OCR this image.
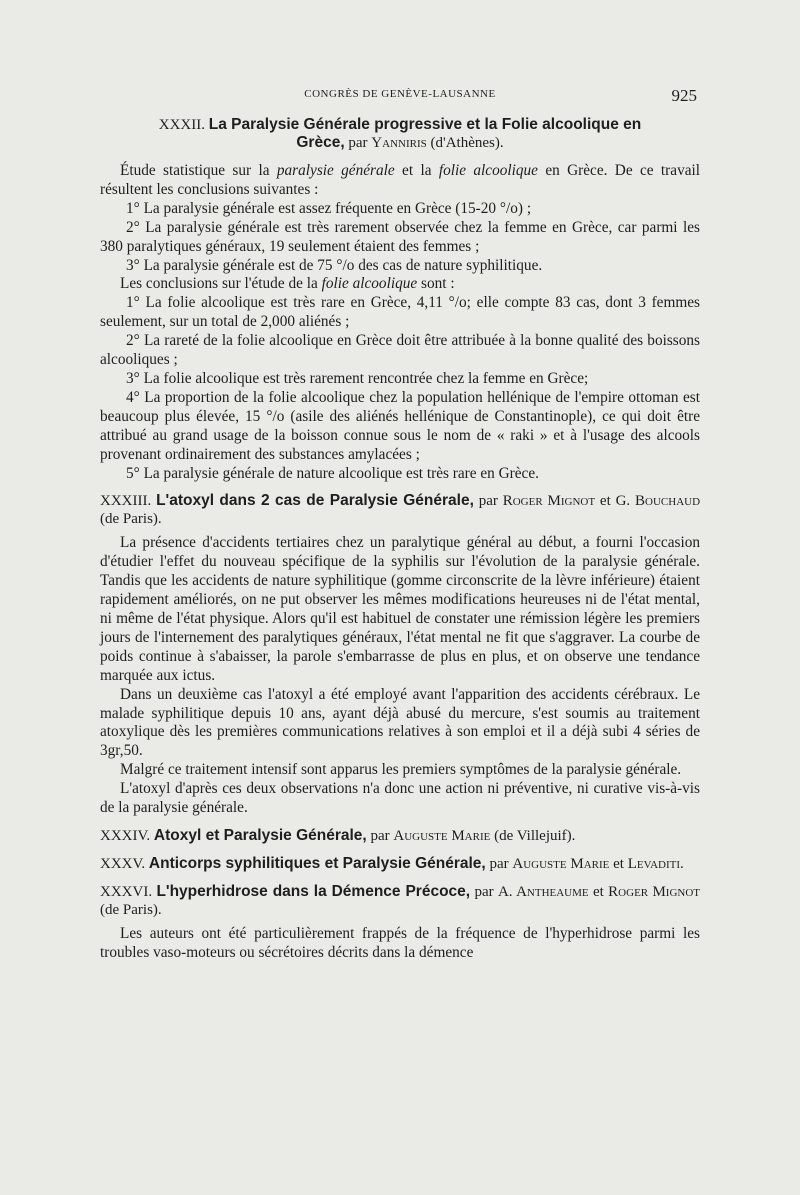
CONGRÈS DE GENÈVE-LAUSANNE	925
XXXII. La Paralysie Générale progressive et la Folie alcoolique en
Grèce, par Yanniris (d'Athènes).

Étude statistique sur la paralysie générale et la folie alcoolique en Grèce. De ce travail résultent les conclusions suivantes :

1° La paralysie générale est assez fréquente en Grèce (15-20 °/o) ;

2° La paralysie générale est très rarement observée chez la femme en Grèce, car parmi les 380 paralytiques généraux, 19 seulement étaient des femmes ;

3° La paralysie générale est de 75 °/o des cas de nature syphilitique.

Les conclusions sur l'étude de la folie alcoolique sont :

1° La folie alcoolique est très rare en Grèce, 4,11 °/o; elle compte 83 cas, dont 3 femmes seulement, sur un total de 2,000 aliénés ;

2° La rareté de la folie alcoolique en Grèce doit être attribuée à la bonne qualité des boissons alcooliques ;

3° La folie alcoolique est très rarement rencontrée chez la femme en Grèce;

4° La proportion de la folie alcoolique chez la population hellénique de l'empire ottoman est beaucoup plus élevée, 15 °/o (asile des aliénés hellénique de Constantinople), ce qui doit être attribué au grand usage de la boisson connue sous le nom de « raki » et à l'usage des alcools provenant ordinairement des substances amylacées ;

5° La paralysie générale de nature alcoolique est très rare en Grèce.

XXXIII. L'atoxyl dans 2 cas de Paralysie Générale, par Roger Mignot et G. Bouchaud (de Paris).

La présence d'accidents tertiaires chez un paralytique général au début, a fourni l'occasion d'étudier l'effet du nouveau spécifique de la syphilis sur l'évolution de la paralysie générale. Tandis que les accidents de nature syphilitique (gomme circonscrite de la lèvre inférieure) étaient rapidement améliorés, on ne put observer les mêmes modifications heureuses ni de l'état mental, ni même de l'état physique. Alors qu'il est habituel de constater une rémission légère les premiers jours de l'internement des paralytiques généraux, l'état mental ne fit que s'aggraver. La courbe de poids continue à s'abaisser, la parole s'embarrasse de plus en plus, et on observe une tendance marquée aux ictus.

Dans un deuxième cas l'atoxyl a été employé avant l'apparition des accidents cérébraux. Le malade syphilitique depuis 10 ans, ayant déjà abusé du mercure, s'est soumis au traitement atoxylique dès les premières communications relatives à son emploi et il a déjà subi 4 séries de 3gr,50.

Malgré ce traitement intensif sont apparus les premiers symptômes de la paralysie générale.

L'atoxyl d'après ces deux observations n'a donc une action ni préventive, ni curative vis-à-vis de la paralysie générale.

XXXIV. Atoxyl et Paralysie Générale, par Auguste Marie (de Villejuif).
XXXV. Anticorps syphilitiques et Paralysie Générale, par Auguste Marie et Levaditi.
XXXVI. L'hyperhidrose dans la Démence Précoce, par A. Antheaume et Roger Mignot (de Paris).

Les auteurs ont été particulièrement frappés de la fréquence de l'hyperhidrose parmi les troubles vaso-moteurs ou sécrétoires décrits dans la démence
